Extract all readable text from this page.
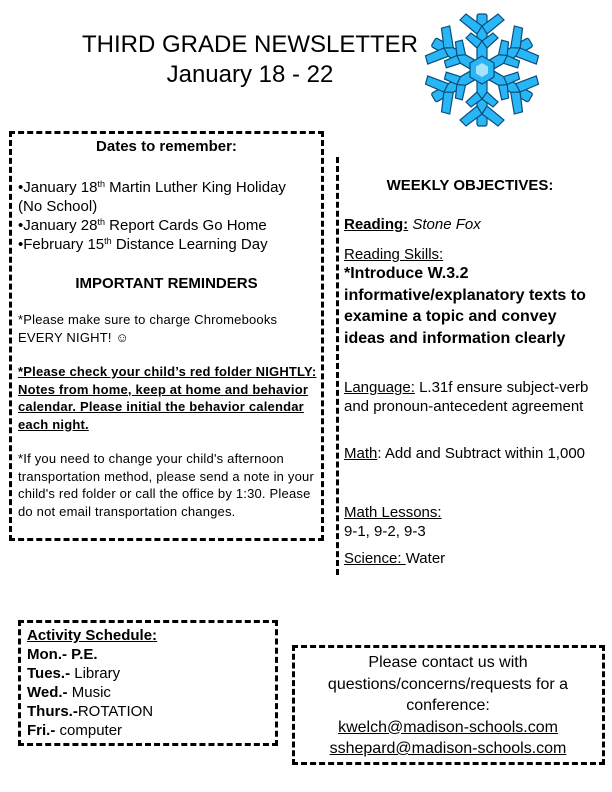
THIRD GRADE NEWSLETTER
January 18 - 22
Dates to remember:
•January 18th Martin Luther King Holiday
(No School)
•January 28th Report Cards Go Home
•February 15th Distance Learning Day
IMPORTANT REMINDERS
*Please make sure to charge Chromebooks EVERY NIGHT! ☺
*Please check your child’s red folder NIGHTLY: Notes from home, keep at home and behavior calendar. Please initial the behavior calendar each night.
*If you need to change your child's afternoon transportation method, please send a note in your child's red folder or call the office by 1:30. Please do not email transportation changes.
WEEKLY OBJECTIVES:
Reading: Stone Fox
Reading Skills:
*Introduce W.3.2 informative/explanatory texts to examine a topic and convey ideas and information clearly
Language: L.31f ensure subject-verb and pronoun-antecedent agreement
Math: Add and Subtract within 1,000
Math Lessons:
9-1, 9-2, 9-3
Science: Water
Activity Schedule:
Mon.- P.E.
Tues.- Library
Wed.- Music
Thurs.-ROTATION
Fri.- computer
Please contact us with questions/concerns/requests for a conference:
kwelch@madison-schools.com
sshepard@madison-schools.com
